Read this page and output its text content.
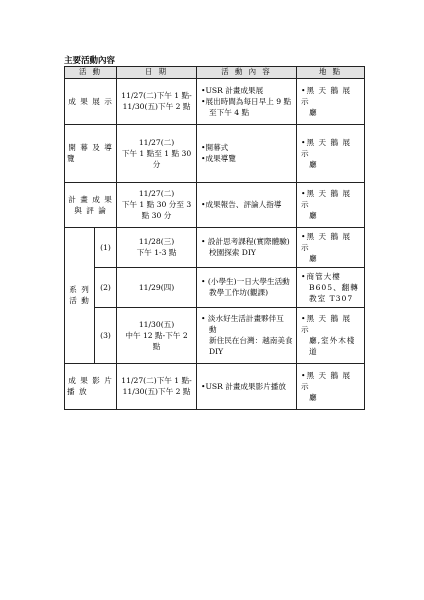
主要活動內容
活 動		日 期	活 動 內 容	地 點

成 果 展 示		11/27(二)下午 1 點-
11/30(五)下午 2 點	•USR 計畫成果展
•展出時間為每日早上 9 點
至下午 4 點	•黑 天 鵝 展 示
廳

開 幕 及 導
覽		11/27(二)
下午 1 點至 1 點 30
分	•開幕式
•成果導覽	•黑 天 鵝 展 示
廳

計 畫 成 果
與 評 論		11/27(二)
下午 1 點 30 分至 3
點 30 分	•成果報告、評論人指導	•黑 天 鵝 展 示
廳

系 列
活 動	(1)	11/28(三)
下午 1-3 點	• 設計思考課程(實際體驗)
校園探索 DIY	•黑 天 鵝 展 示
廳

	(2)	11/29(四)	• (小學生)一日大學生活動
教學工作坊(觀課)	•商管大樓
B605、翻轉
教室 T307

	(3)	11/30(五)
中午 12 點-下午 2
點	• 淡水好生活計畫夥伴互
動
新住民在台灣：越南美食
DIY	•黑 天 鵝 展 示
廳,室外木棧
道

成 果 影 片
播 放		11/27(二)下午 1 點-
11/30(五)下午 2 點	•USR 計畫成果影片播放	•黑 天 鵝 展 示
廳
